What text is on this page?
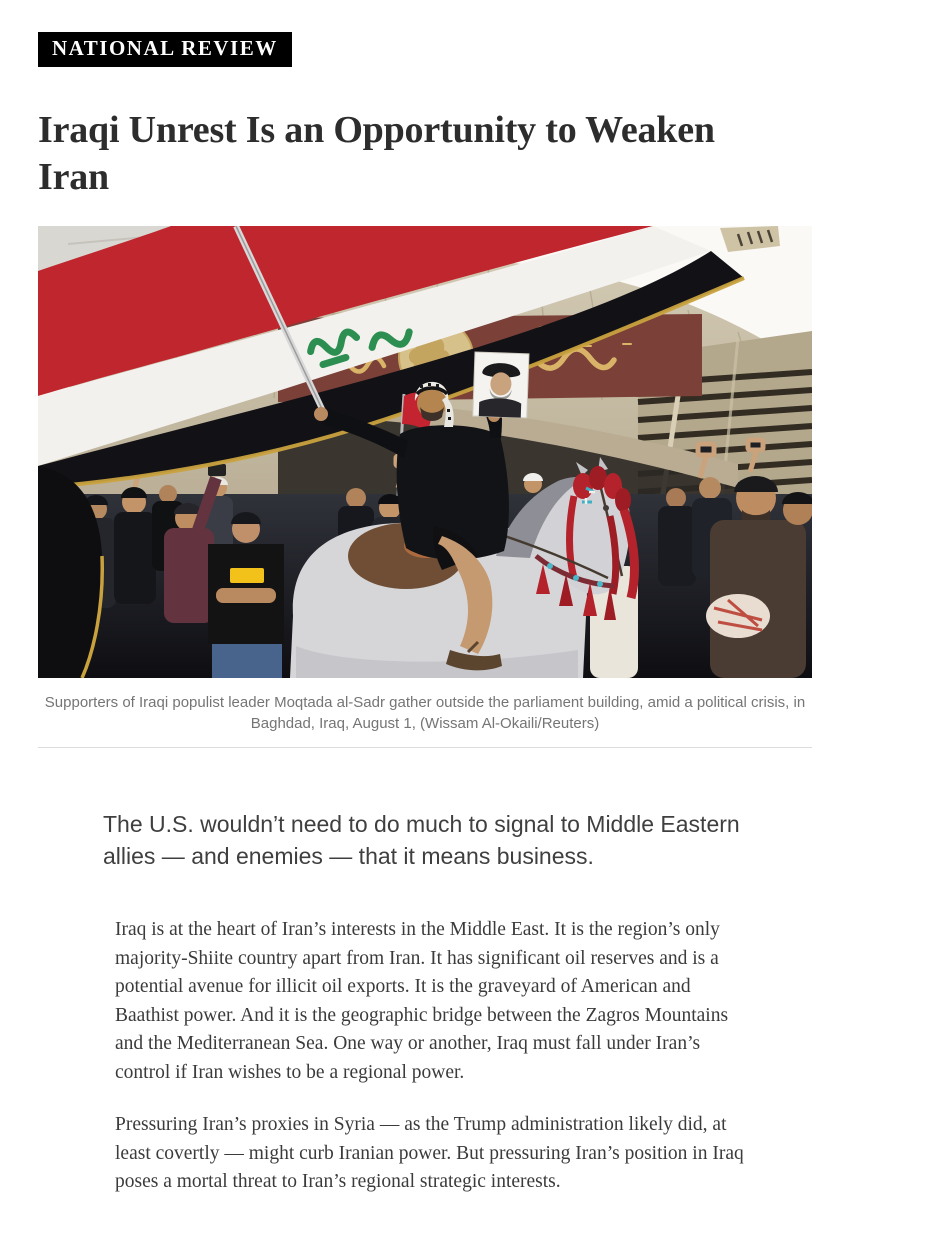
NATIONAL REVIEW
Iraqi Unrest Is an Opportunity to Weaken Iran
Supporters of Iraqi populist leader Moqtada al-Sadr gather outside the parliament building, amid a political crisis, in Baghdad, Iraq, August 1, (Wissam Al-Okaili/Reuters)

The U.S. wouldn’t need to do much to signal to Middle Eastern allies — and enemies — that it means business.

Iraq is at the heart of Iran’s interests in the Middle East. It is the region’s only majority-Shiite country apart from Iran. It has significant oil reserves and is a potential avenue for illicit oil exports. It is the graveyard of American and Baathist power. And it is the geographic bridge between the Zagros Mountains and the Mediterranean Sea. One way or another, Iraq must fall under Iran’s control if Iran wishes to be a regional power.

Pressuring Iran’s proxies in Syria — as the Trump administration likely did, at least covertly — might curb Iranian power. But pressuring Iran’s position in Iraq poses a mortal threat to Iran’s regional strategic interests.
